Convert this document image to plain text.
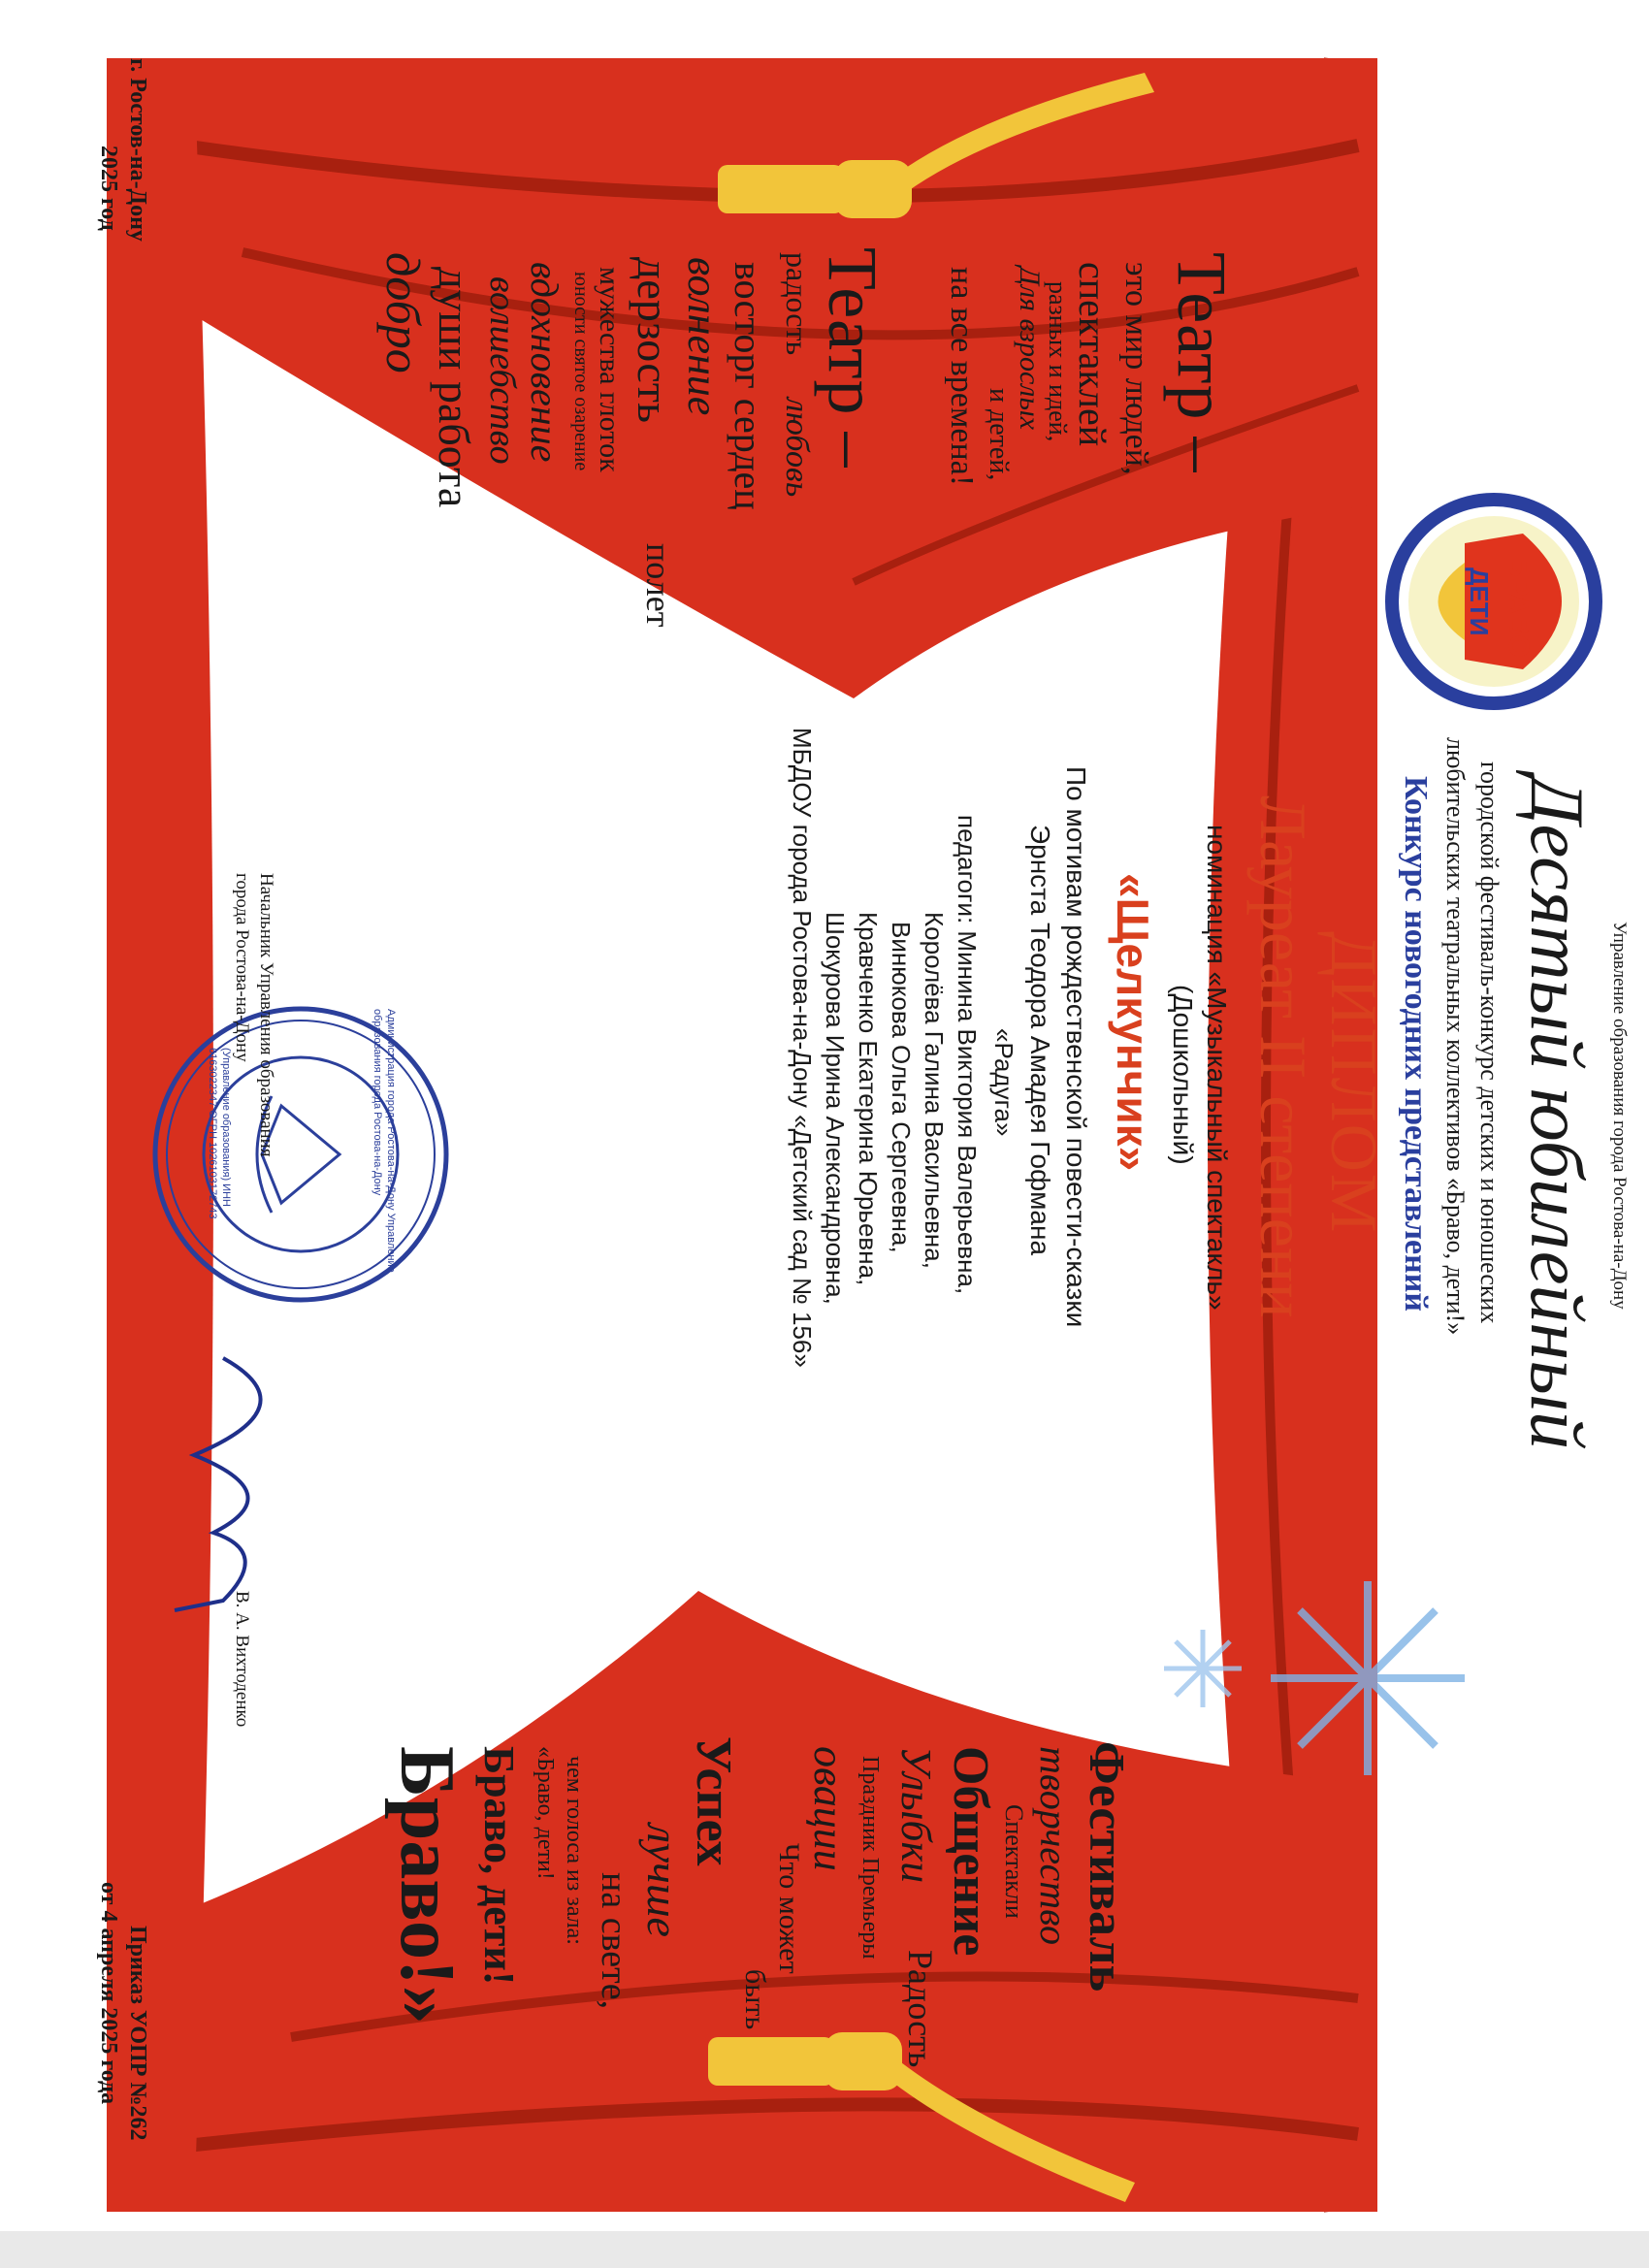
БРАВО
ДЕТИ
Управление образования города Ростова-на-Дону
Десятый юбилейный
городской фестиваль-конкурс детских и юношеских
любительских театральных коллективов «Браво, дети!»
Конкурс новогодних представлений
ДИПЛОМ
Лауреат II степени
номинация «Музыкальный спектакль»
(Дошкольный)
«Щелкунчик»
По мотивам рождественской повести-сказки
Эрнста Теодора Амадея Гофмана
«Радуга»
педагоги: Минина Виктория Валерьевна,
Королёва Галина Васильевна,
Винюкова Ольга Сергеевна,
Кравченко Екатерина Юрьевна,
Шокурова Ирина Александровна,
МБДОУ города Ростова-на-Дону «Детский сад № 156»
Начальник Управления образования
города Ростова-на-Дону
В. А. Вихтоденко
Администрация города Ростова-на-Дону Управление образования города Ростова-на-Дону
(Управление образования) ИНН 6163022347 ОГРН 1026103172743
г. Ростов-на-Дону
2025 год
Приказ УОПР №262
от 4 апреля 2025 года
Театр –
это мир людей,
спектаклей
разных и идей,
Для взрослых
и детей,
на все времена!
Театр –
радость
любовь
восторг сердец
волнение
полет
дерзость
мужества глоток
юности святое озарение
вдохновение
волшебство
души работа
добро
Фестиваль
творчество
Спектакли
Общение
Улыбки
Радость
Праздник Премьеры
овации
Что может
быть
Успех
лучше
на свете,
чем голоса из зала:
«Браво, дети!
Браво, дети!
Браво!»
